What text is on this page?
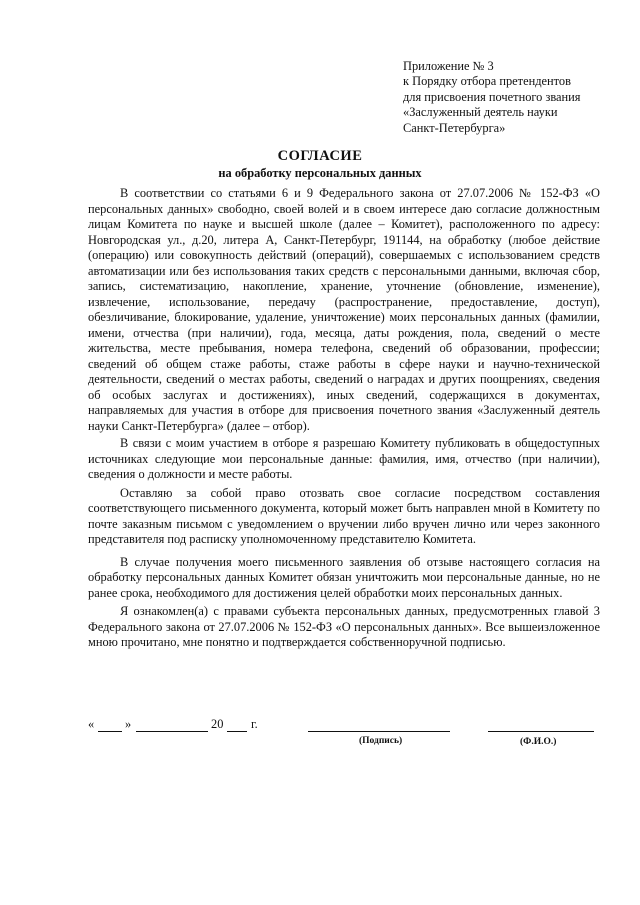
Приложение № 3
к Порядку отбора претендентов
для присвоения почетного звания
«Заслуженный деятель науки
Санкт-Петербурга»
СОГЛАСИЕ
на обработку персональных данных

В соответствии со статьями 6 и 9 Федерального закона от 27.07.2006 № 152-ФЗ «О персональных данных» свободно, своей волей и в своем интересе даю согласие должностным лицам Комитета по науке и высшей школе (далее – Комитет), расположенного по адресу: Новгородская ул., д.20, литера А, Санкт-Петербург, 191144, на обработку (любое действие (операцию) или совокупность действий (операций), совершаемых с использованием средств автоматизации или без использования таких средств с персональными данными, включая сбор, запись, систематизацию, накопление, хранение, уточнение (обновление, изменение), извлечение, использование, передачу (распространение, предоставление, доступ), обезличивание, блокирование, удаление, уничтожение) моих персональных данных (фамилии, имени, отчества (при наличии), года, месяца, даты рождения, пола, сведений о месте жительства, месте пребывания, номера телефона, сведений об образовании, профессии; сведений об общем стаже работы, стаже работы в сфере науки и научно-технической деятельности, сведений о местах работы, сведений о наградах и других поощрениях, сведения об особых заслугах и достижениях), иных сведений, содержащихся в документах, направляемых для участия в отборе для присвоения почетного звания «Заслуженный деятель науки Санкт-Петербурга» (далее – отбор).

В связи с моим участием в отборе я разрешаю Комитету публиковать в общедоступных источниках следующие мои персональные данные: фамилия, имя, отчество (при наличии), сведения о должности и месте работы.

Оставляю за собой право отозвать свое согласие посредством составления соответствующего письменного документа, который может быть направлен мной в Комитету по почте заказным письмом с уведомлением о вручении либо вручен лично или через законного представителя под расписку уполномоченному представителю Комитета.

В случае получения моего письменного заявления об отзыве настоящего согласия на обработку персональных данных Комитет обязан уничтожить мои персональные данные, но не ранее срока, необходимого для достижения целей обработки моих персональных данных.

Я ознакомлен(а) с правами субъекта персональных данных, предусмотренных главой 3 Федерального закона от 27.07.2006 № 152-ФЗ «О персональных данных». Все вышеизложенное мною прочитано, мне понятно и подтверждается собственноручной подписью.

« »	20 г.
(Подпись)	(Ф.И.О.)
